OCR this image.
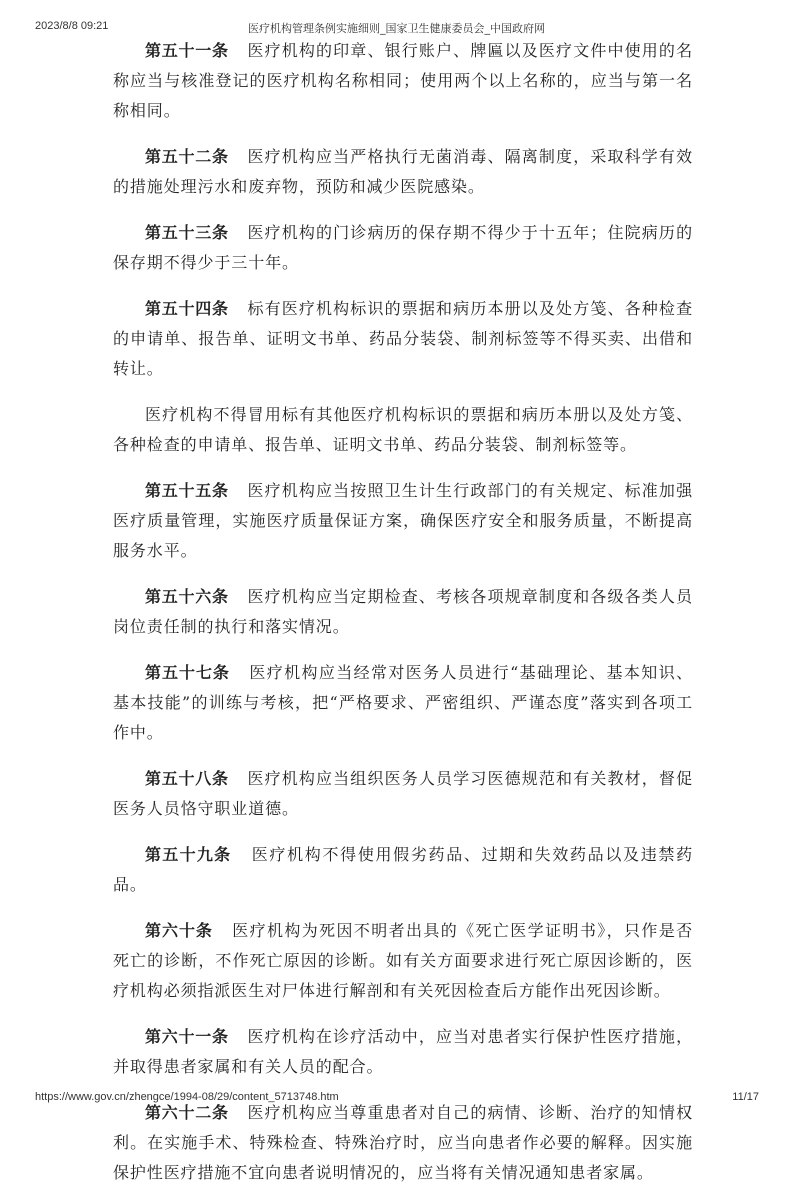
2023/8/8 09:21	医疗机构管理条例实施细则_国家卫生健康委员会_中国政府网

第五十一条 医疗机构的印章、银行账户、牌匾以及医疗文件中使用的名称应当与核准登记的医疗机构名称相同；使用两个以上名称的，应当与第一名称相同。

第五十二条 医疗机构应当严格执行无菌消毒、隔离制度，采取科学有效的措施处理污水和废弃物，预防和减少医院感染。

第五十三条 医疗机构的门诊病历的保存期不得少于十五年；住院病历的保存期不得少于三十年。

第五十四条 标有医疗机构标识的票据和病历本册以及处方笺、各种检查的申请单、报告单、证明文书单、药品分装袋、制剂标签等不得买卖、出借和转让。

医疗机构不得冒用标有其他医疗机构标识的票据和病历本册以及处方笺、各种检查的申请单、报告单、证明文书单、药品分装袋、制剂标签等。

第五十五条 医疗机构应当按照卫生计生行政部门的有关规定、标准加强医疗质量管理，实施医疗质量保证方案，确保医疗安全和服务质量，不断提高服务水平。

第五十六条 医疗机构应当定期检查、考核各项规章制度和各级各类人员岗位责任制的执行和落实情况。

第五十七条 医疗机构应当经常对医务人员进行“基础理论、基本知识、基本技能”的训练与考核，把“严格要求、严密组织、严谨态度”落实到各项工作中。

第五十八条 医疗机构应当组织医务人员学习医德规范和有关教材，督促医务人员恪守职业道德。

第五十九条 医疗机构不得使用假劣药品、过期和失效药品以及违禁药品。

第六十条 医疗机构为死因不明者出具的《死亡医学证明书》，只作是否死亡的诊断，不作死亡原因的诊断。如有关方面要求进行死亡原因诊断的，医疗机构必须指派医生对尸体进行解剖和有关死因检查后方能作出死因诊断。

第六十一条 医疗机构在诊疗活动中，应当对患者实行保护性医疗措施，并取得患者家属和有关人员的配合。

第六十二条 医疗机构应当尊重患者对自己的病情、诊断、治疗的知情权利。在实施手术、特殊检查、特殊治疗时，应当向患者作必要的解释。因实施保护性医疗措施不宜向患者说明情况的，应当将有关情况通知患者家属。

https://www.gov.cn/zhengce/1994-08/29/content_5713748.htm	11/17
